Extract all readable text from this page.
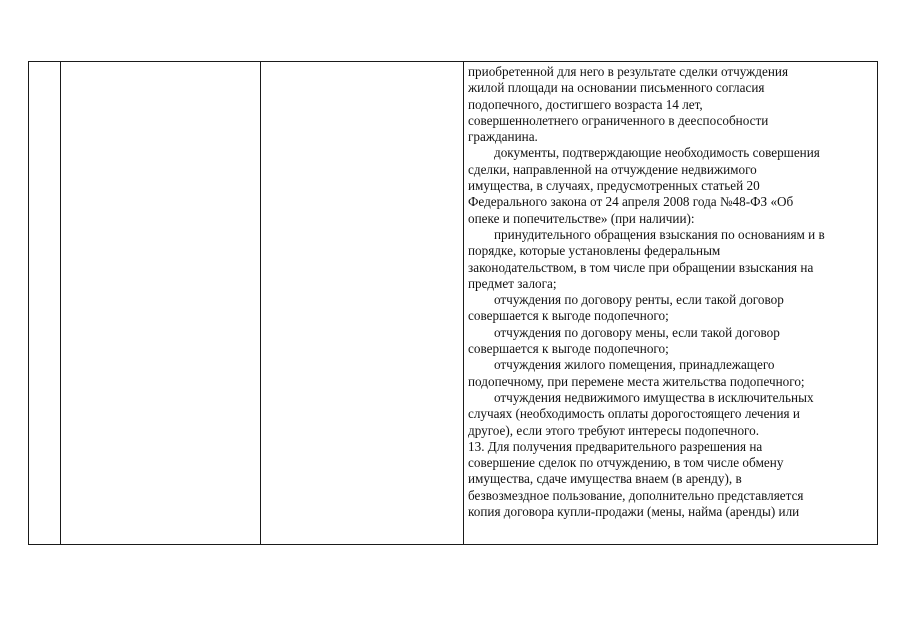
приобретенной для него в результате сделки отчуждения
жилой площади на основании письменного согласия
подопечного, достигшего возраста 14 лет,
совершеннолетнего ограниченного в дееспособности
гражданина.
документы, подтверждающие необходимость совершения
сделки, направленной на отчуждение недвижимого
имущества, в случаях, предусмотренных статьей 20
Федерального закона от 24 апреля 2008 года №48-ФЗ «Об
опеке и попечительстве» (при наличии):
принудительного обращения взыскания по основаниям и в
порядке, которые установлены федеральным
законодательством, в том числе при обращении взыскания на
предмет залога;
отчуждения по договору ренты, если такой договор
совершается к выгоде подопечного;
отчуждения по договору мены, если такой договор
совершается к выгоде подопечного;
отчуждения жилого помещения, принадлежащего
подопечному, при перемене места жительства подопечного;
отчуждения недвижимого имущества в исключительных
случаях (необходимость оплаты дорогостоящего лечения и
другое), если этого требуют интересы подопечного.
13. Для получения предварительного разрешения на
совершение сделок по отчуждению, в том числе обмену
имущества, сдаче имущества внаем (в аренду), в
безвозмездное пользование, дополнительно представляется
копия договора купли-продажи (мены, найма (аренды) или
